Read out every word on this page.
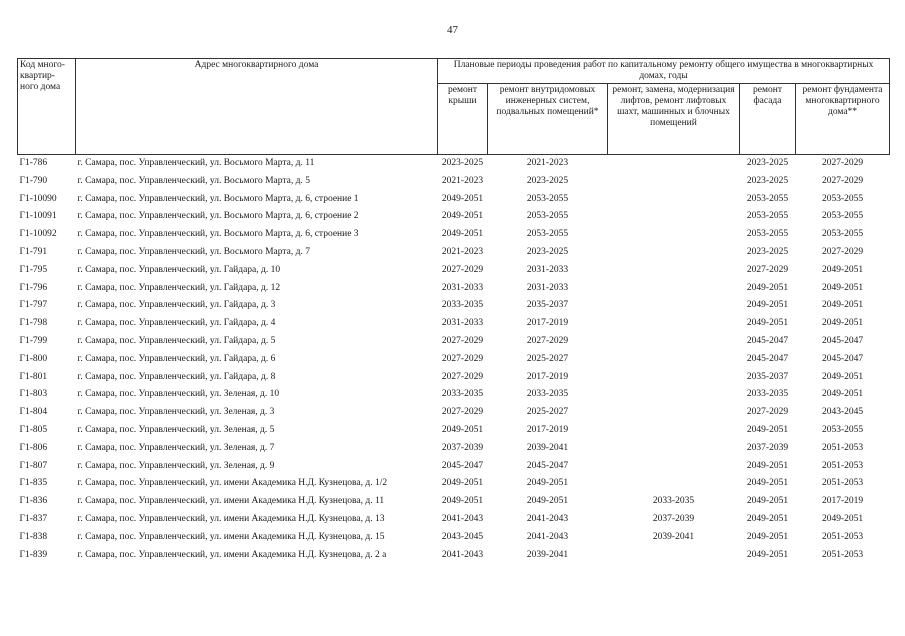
47
Код много-квартир-ного дома	Адрес многоквартирного дома	Плановые периоды проведения работ по капитальному ремонту общего имущества в многоквартирных домах, годы				
		ремонт крыши	ремонт внутридомовых инженерных систем, подвальных помещений*	ремонт, замена, модернизация лифтов, ремонт лифтовых шахт, машинных и блочных помещений	ремонт фасада	ремонт фундамента многоквартирного дома**
Г1-786	г. Самара, пос. Управленческий, ул. Восьмого Марта, д. 11	2023-2025	2021-2023		2023-2025	2027-2029
Г1-790	г. Самара, пос. Управленческий, ул. Восьмого Марта, д. 5	2021-2023	2023-2025		2023-2025	2027-2029
Г1-10090	г. Самара, пос. Управленческий, ул. Восьмого Марта, д. 6, строение 1	2049-2051	2053-2055		2053-2055	2053-2055
Г1-10091	г. Самара, пос. Управленческий, ул. Восьмого Марта, д. 6, строение 2	2049-2051	2053-2055		2053-2055	2053-2055
Г1-10092	г. Самара, пос. Управленческий, ул. Восьмого Марта, д. 6, строение 3	2049-2051	2053-2055		2053-2055	2053-2055
Г1-791	г. Самара, пос. Управленческий, ул. Восьмого Марта, д. 7	2021-2023	2023-2025		2023-2025	2027-2029
Г1-795	г. Самара, пос. Управленческий, ул. Гайдара, д. 10	2027-2029	2031-2033		2027-2029	2049-2051
Г1-796	г. Самара, пос. Управленческий, ул. Гайдара, д. 12	2031-2033	2031-2033		2049-2051	2049-2051
Г1-797	г. Самара, пос. Управленческий, ул. Гайдара, д. 3	2033-2035	2035-2037		2049-2051	2049-2051
Г1-798	г. Самара, пос. Управленческий, ул. Гайдара, д. 4	2031-2033	2017-2019		2049-2051	2049-2051
Г1-799	г. Самара, пос. Управленческий, ул. Гайдара, д. 5	2027-2029	2027-2029		2045-2047	2045-2047
Г1-800	г. Самара, пос. Управленческий, ул. Гайдара, д. 6	2027-2029	2025-2027		2045-2047	2045-2047
Г1-801	г. Самара, пос. Управленческий, ул. Гайдара, д. 8	2027-2029	2017-2019		2035-2037	2049-2051
Г1-803	г. Самара, пос. Управленческий, ул. Зеленая, д. 10	2033-2035	2033-2035		2033-2035	2049-2051
Г1-804	г. Самара, пос. Управленческий, ул. Зеленая, д. 3	2027-2029	2025-2027		2027-2029	2043-2045
Г1-805	г. Самара, пос. Управленческий, ул. Зеленая, д. 5	2049-2051	2017-2019		2049-2051	2053-2055
Г1-806	г. Самара, пос. Управленческий, ул. Зеленая, д. 7	2037-2039	2039-2041		2037-2039	2051-2053
Г1-807	г. Самара, пос. Управленческий, ул. Зеленая, д. 9	2045-2047	2045-2047		2049-2051	2051-2053
Г1-835	г. Самара, пос. Управленческий, ул. имени Академика Н.Д. Кузнецова, д. 1/2	2049-2051	2049-2051		2049-2051	2051-2053
Г1-836	г. Самара, пос. Управленческий, ул. имени Академика Н.Д. Кузнецова, д. 11	2049-2051	2049-2051	2033-2035	2049-2051	2017-2019
Г1-837	г. Самара, пос. Управленческий, ул. имени Академика Н.Д. Кузнецова, д. 13	2041-2043	2041-2043	2037-2039	2049-2051	2049-2051
Г1-838	г. Самара, пос. Управленческий, ул. имени Академика Н.Д. Кузнецова, д. 15	2043-2045	2041-2043	2039-2041	2049-2051	2051-2053
Г1-839	г. Самара, пос. Управленческий, ул. имени Академика Н.Д. Кузнецова, д. 2 а	2041-2043	2039-2041		2049-2051	2051-2053
